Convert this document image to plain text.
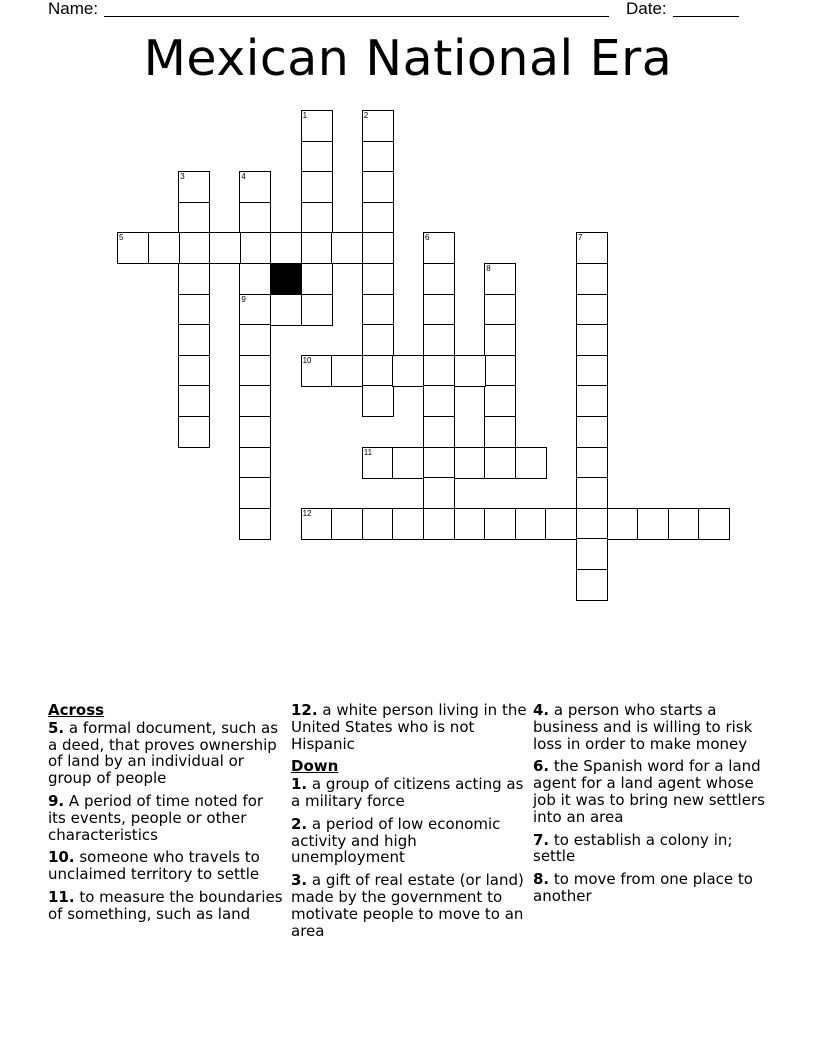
Name:	Date:
Mexican National Era
1	2
3	4
5	6	7
8
9
10
11
12
Across
5. a formal document, such as a deed, that proves ownership of land by an individual or group of people
9. A period of time noted for its events, people or other characteristics
10. someone who travels to unclaimed territory to settle
11. to measure the boundaries of something, such as land
12. a white person living in the United States who is not Hispanic
Down
1. a group of citizens acting as a military force
2. a period of low economic activity and high unemployment
3. a gift of real estate (or land) made by the government to motivate people to move to an area
4. a person who starts a business and is willing to risk loss in order to make money
6. the Spanish word for a land agent for a land agent whose job it was to bring new settlers into an area
7. to establish a colony in; settle
8. to move from one place to another
